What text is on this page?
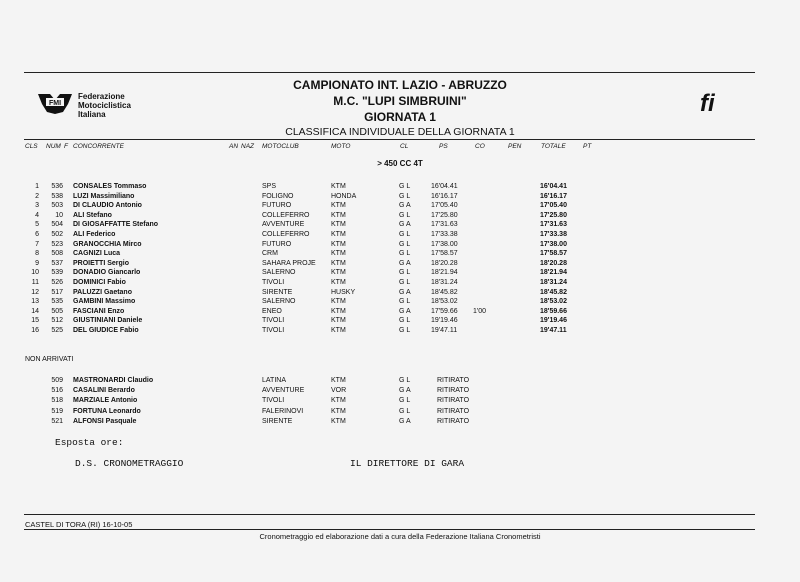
FMI
Federazione
Motociclistica
Italiana	fi
CAMPIONATO INT. LAZIO - ABRUZZO
M.C. "LUPI SIMBRUINI"
GIORNATA 1
CLASSIFICA INDIVIDUALE DELLA GIORNATA 1
CLS NUM F CONCORRENTE	AN NAZ MOTOCLUB	MOTO	CL	PS	CO	PEN	TOTALE	PT
> 450 CC 4T
1 536 CONSALES Tommaso	SPS	KTM	G L	16'04.41	16'04.41
2 538 LUZI Massimiliano	FOLIGNO	HONDA	G L	16'16.17	16'16.17
3 503 DI CLAUDIO Antonio	FUTURO	KTM	G A	17'05.40	17'05.40
4 10 ALI Stefano	COLLEFERRO	KTM	G L	17'25.80	17'25.80
5 504 DI GIOSAFFATTE Stefano	AVVENTURE	KTM	G A	17'31.63	17'31.63
6 502 ALI Federico	COLLEFERRO	KTM	G L	17'33.38	17'33.38
7 523 GRANOCCHIA Mirco	FUTURO	KTM	G L	17'38.00	17'38.00
8 508 CAGNIZI Luca	CRM	KTM	G L	17'58.57	17'58.57
9 537 PROIETTI Sergio	SAHARA PROJE KTM	G A	18'20.28	18'20.28
10 539 DONADIO Giancarlo	SALERNO	KTM	G L	18'21.94	18'21.94
11 526 DOMINICI Fabio	TIVOLI	KTM	G L	18'31.24	18'31.24
12 517 PALUZZI Gaetano	SIRENTE	HUSKY	G A	18'45.82	18'45.82
13 535 GAMBINI Massimo	SALERNO	KTM	G L	18'53.02	18'53.02
14 505 FASCIANI Enzo	ENEO	KTM	G A	17'59.66 1'00	18'59.66
15 512 GIUSTINIANI Daniele	TIVOLI	KTM	G L	19'19.46	19'19.46
16 525 DEL GIUDICE Fabio	TIVOLI	KTM	G L	19'47.11	19'47.11
NON ARRIVATI
509 MASTRONARDI Claudio	LATINA	KTM	G L	RITIRATO
516 CASALINI Berardo	AVVENTURE	VOR	G A	RITIRATO
518 MARZIALE Antonio	TIVOLI	KTM	G L	RITIRATO
519 FORTUNA Leonardo	FALERINOVI	KTM	G L	RITIRATO
521 ALFONSI Pasquale	SIRENTE	KTM	G A	RITIRATO
Esposta ore:
D.S. CRONOMETRAGGIO	IL DIRETTORE DI GARA
CASTEL DI TORA (RI) 16-10-05
Cronometraggio ed elaborazione dati a cura della Federazione Italiana Cronometristi
